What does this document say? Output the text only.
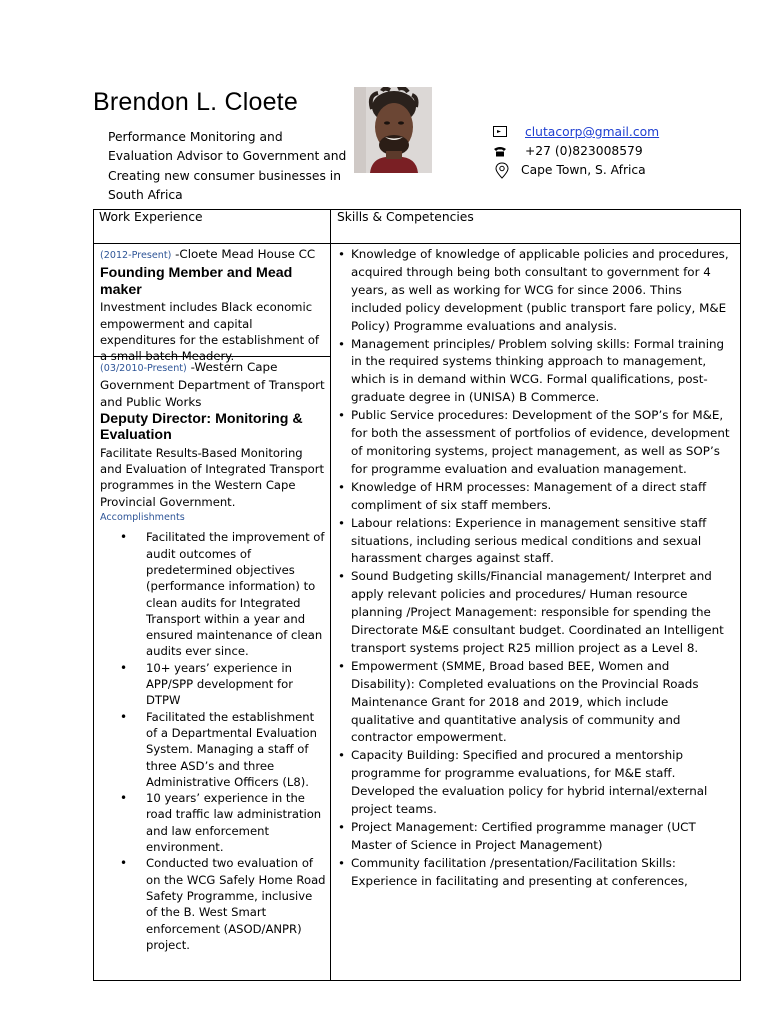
Brendon L. Cloete
Performance Monitoring and Evaluation Advisor to Government and Creating new consumer businesses in South Africa
clutacorp@gmail.com
+27 (0)823008579
Cape Town, S. Africa
Work Experience	Skills & Competencies
(2012-Present) -Cloete Mead House CC
Founding Member and Mead maker
Investment includes Black economic empowerment and capital expenditures for the establishment of a small batch Meadery.
(03/2010-Present) -Western Cape Government Department of Transport and Public Works
Deputy Director: Monitoring & Evaluation
Facilitate Results-Based Monitoring and Evaluation of Integrated Transport programmes in the Western Cape Provincial Government.
Accomplishments
• Facilitated the improvement of audit outcomes of predetermined objectives (performance information) to clean audits for Integrated Transport within a year and ensured maintenance of clean audits ever since.
• 10+ years’ experience in APP/SPP development for DTPW
• Facilitated the establishment of a Departmental Evaluation System. Managing a staff of three ASD’s and three Administrative Officers (L8).
• 10 years’ experience in the road traffic law administration and law enforcement environment.
• Conducted two evaluation of on the WCG Safely Home Road Safety Programme, inclusive of the B. West Smart enforcement (ASOD/ANPR) project.
• Knowledge of knowledge of applicable policies and procedures, acquired through being both consultant to government for 4 years, as well as working for WCG for since 2006. Thins included policy development (public transport fare policy, M&E Policy) Programme evaluations and analysis.
• Management principles/ Problem solving skills: Formal training in the required systems thinking approach to management, which is in demand within WCG. Formal qualifications, post-graduate degree in (UNISA) B Commerce.
• Public Service procedures: Development of the SOP’s for M&E, for both the assessment of portfolios of evidence, development of monitoring systems, project management, as well as SOP’s for programme evaluation and evaluation management.
• Knowledge of HRM processes: Management of a direct staff compliment of six staff members.
• Labour relations: Experience in management sensitive staff situations, including serious medical conditions and sexual harassment charges against staff.
• Sound Budgeting skills/Financial management/ Interpret and apply relevant policies and procedures/ Human resource planning /Project Management: responsible for spending the Directorate M&E consultant budget. Coordinated an Intelligent transport systems project R25 million project as a Level 8.
• Empowerment (SMME, Broad based BEE, Women and Disability): Completed evaluations on the Provincial Roads Maintenance Grant for 2018 and 2019, which include qualitative and quantitative analysis of community and contractor empowerment.
• Capacity Building: Specified and procured a mentorship programme for programme evaluations, for M&E staff. Developed the evaluation policy for hybrid internal/external project teams.
• Project Management: Certified programme manager (UCT Master of Science in Project Management)
• Community facilitation /presentation/Facilitation Skills: Experience in facilitating and presenting at conferences,
